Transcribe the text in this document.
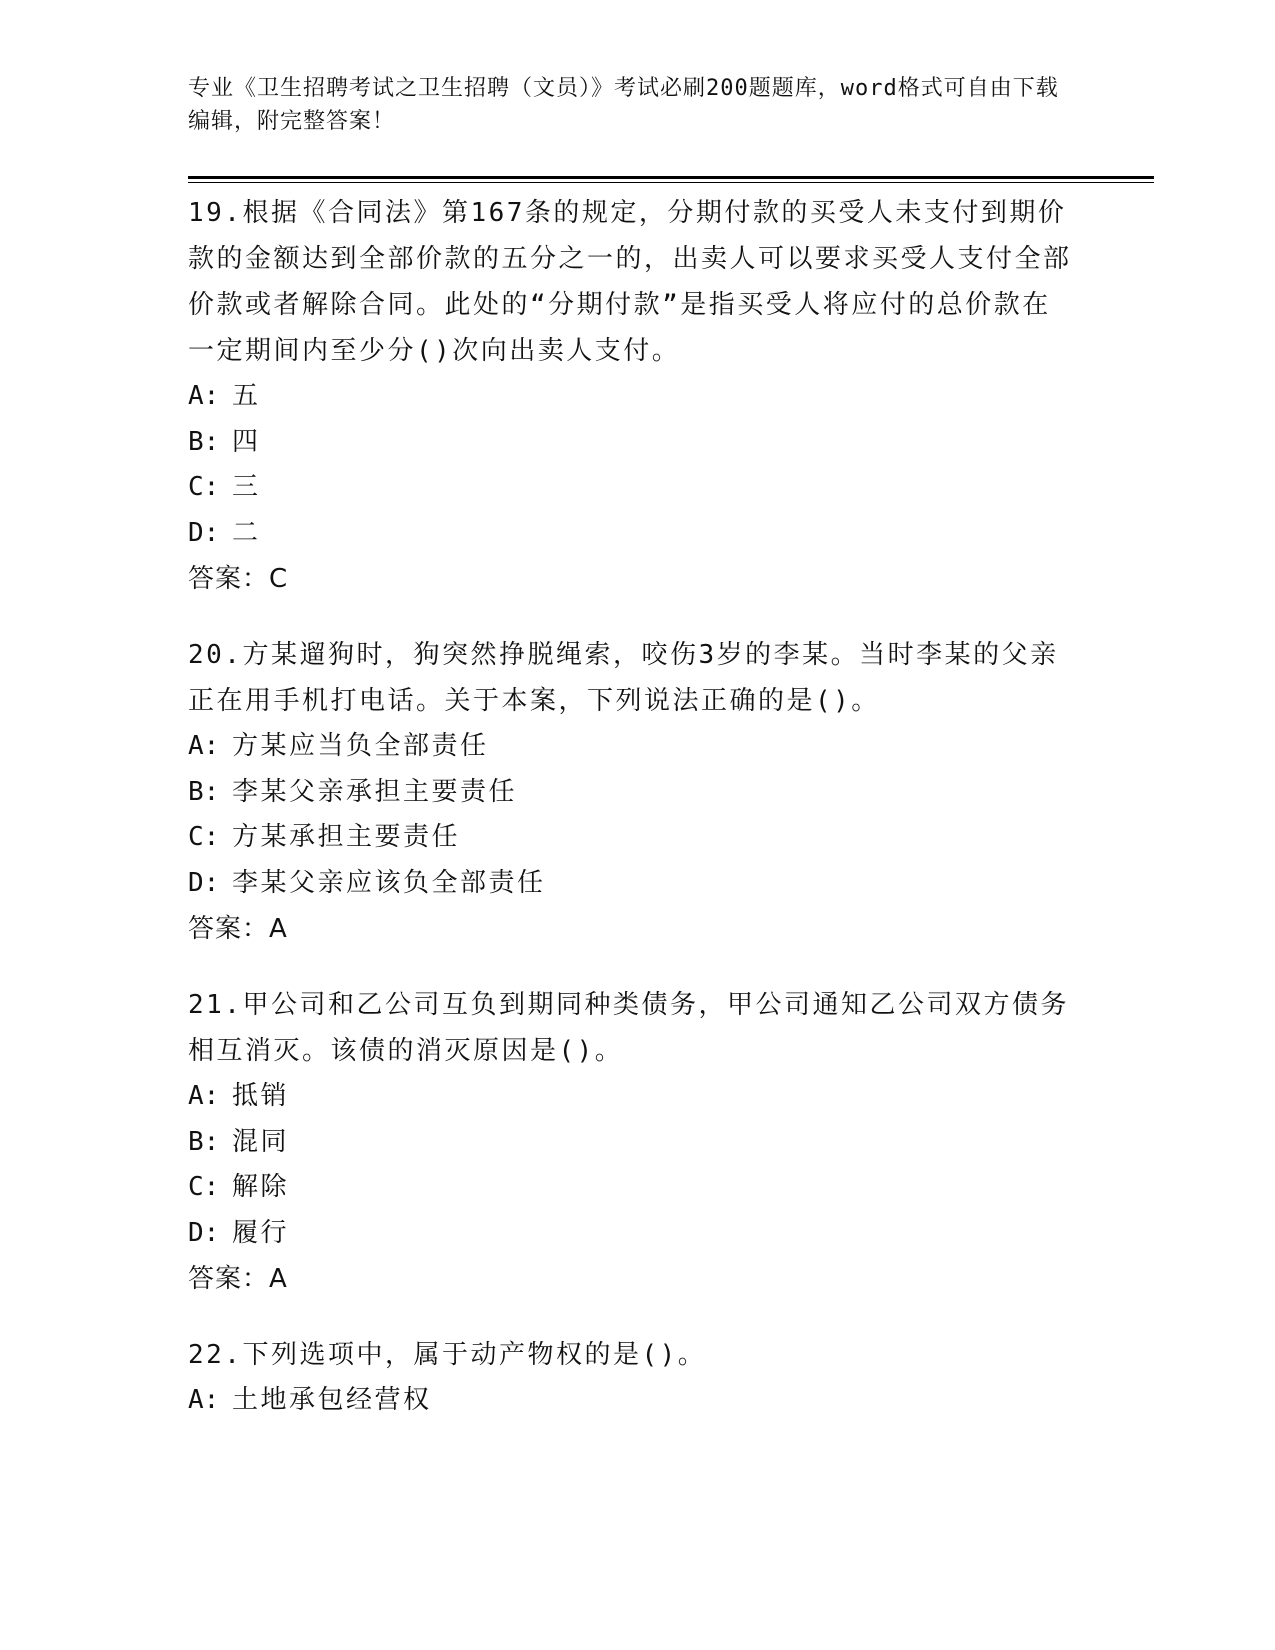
专业《卫生招聘考试之卫生招聘（文员）》考试必刷200题题库，word格式可自由下载编辑，附完整答案！
19.根据《合同法》第167条的规定，分期付款的买受人未支付到期价款的金额达到全部价款的五分之一的，出卖人可以要求买受人支付全部价款或者解除合同。此处的“分期付款”是指买受人将应付的总价款在一定期间内至少分()次向出卖人支付。
A: 五
B: 四
C: 三
D: 二
答案：C
20.方某遛狗时，狗突然挣脱绳索，咬伤3岁的李某。当时李某的父亲正在用手机打电话。关于本案，下列说法正确的是()。
A: 方某应当负全部责任
B: 李某父亲承担主要责任
C: 方某承担主要责任
D: 李某父亲应该负全部责任
答案：A
21.甲公司和乙公司互负到期同种类债务，甲公司通知乙公司双方债务相互消灭。该债的消灭原因是()。
A: 抵销
B: 混同
C: 解除
D: 履行
答案：A
22.下列选项中，属于动产物权的是()。
A: 土地承包经营权
